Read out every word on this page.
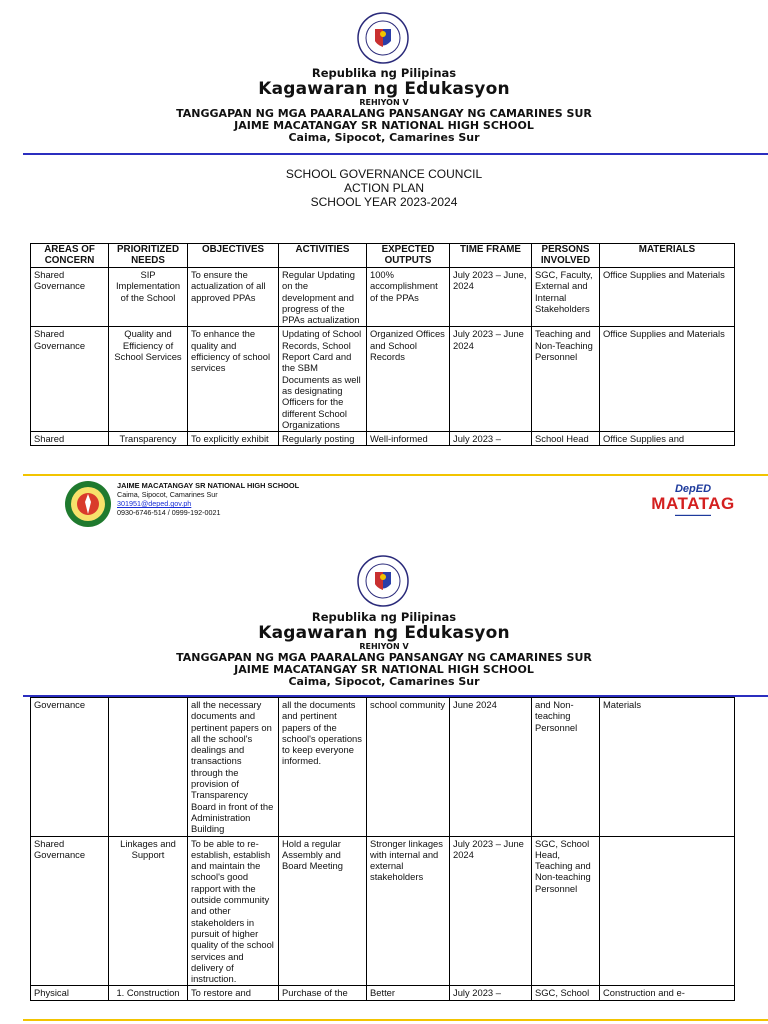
Republika ng Pilipinas
Kagawaran ng Edukasyon
REHIYON V
TANGGAPAN NG MGA PAARALANG PANSANGAY NG CAMARINES SUR
JAIME MACATANGAY SR NATIONAL HIGH SCHOOL
Caima, Sipocot, Camarines Sur
SCHOOL GOVERNANCE COUNCIL
ACTION PLAN
SCHOOL YEAR 2023-2024
AREAS OF CONCERN	PRIORITIZED NEEDS	OBJECTIVES	ACTIVITIES	EXPECTED OUTPUTS	TIME FRAME	PERSONS INVOLVED	MATERIALS
Shared Governance	SIP Implementation of the School	To ensure the actualization of all approved PPAs	Regular Updating on the development and progress of the PPAs actualization	100% accomplishment of the PPAs	July 2023 – June, 2024	SGC, Faculty, External and Internal Stakeholders	Office Supplies and Materials
Shared Governance	Quality and Efficiency of School Services	To enhance the quality and efficiency of school services	Updating of School Records, School Report Card and the SBM Documents as well as designating Officers for the different School Organizations	Organized Offices and School Records	July 2023 – June 2024	Teaching and Non-Teaching Personnel	Office Supplies and Materials
Shared	Transparency	To explicitly exhibit	Regularly posting	Well-informed	July 2023 –	School Head	Office Supplies and
JAIME MACATANGAY SR NATIONAL HIGH SCHOOL
Caima, Sipocot, Camarines Sur
301951@deped.gov.ph
0930-6746-514 / 0999-192-0021
DepED
MATATAG
▬▬▬▬▬▬▬▬▬
Republika ng Pilipinas
Kagawaran ng Edukasyon
REHIYON V
TANGGAPAN NG MGA PAARALANG PANSANGAY NG CAMARINES SUR
JAIME MACATANGAY SR NATIONAL HIGH SCHOOL
Caima, Sipocot, Camarines Sur
Governance		all the necessary documents and pertinent papers on all the school's dealings and transactions through the provision of Transparency Board in front of the Administration Building	all the documents and pertinent papers of the school's operations to keep everyone informed.	school community	June 2024	and Non-teaching Personnel	Materials
Shared Governance	Linkages and Support	To be able to re-establish, establish and maintain the school's good rapport with the outside community and other stakeholders in pursuit of higher quality of the school services and delivery of instruction.	Hold a regular Assembly and Board Meeting	Stronger linkages with internal and external stakeholders	July 2023 – June 2024	SGC, School Head, Teaching and Non-teaching Personnel	
Physical	1. Construction	To restore and	Purchase of the	Better	July 2023 –	SGC, School	Construction and e-
